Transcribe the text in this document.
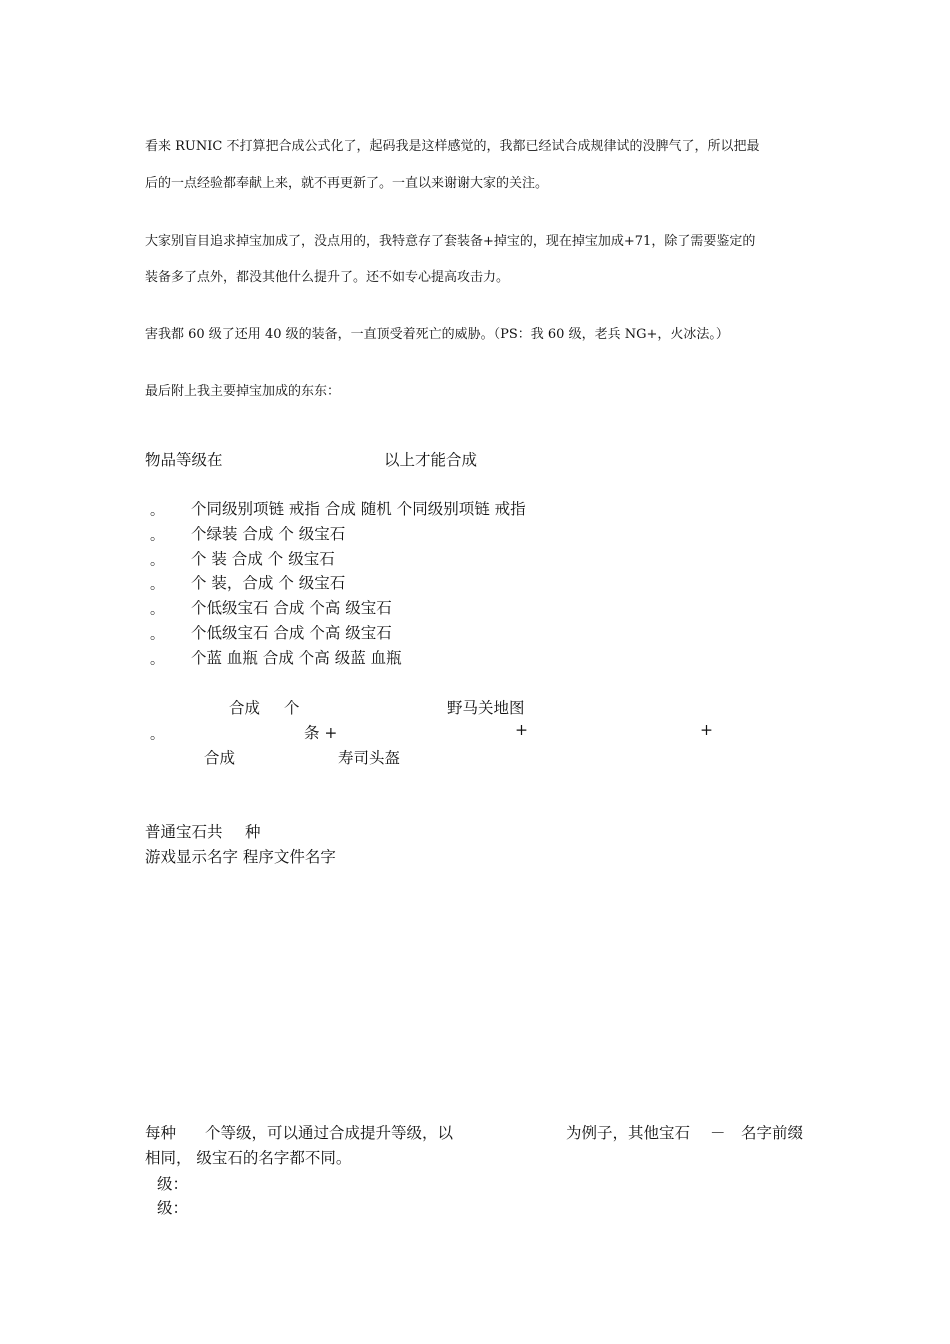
看来 RUNIC 不打算把合成公式化了，起码我是这样感觉的，我都已经试合成规律试的没脾气了，所以把最
后的一点经验都奉献上来，就不再更新了。一直以来谢谢大家的关注。
大家别盲目追求掉宝加成了，没点用的，我特意存了套装备+掉宝的，现在掉宝加成+71，除了需要鉴定的
装备多了点外，都没其他什么提升了。还不如专心提高攻击力。
害我都 60 级了还用 40 级的装备，一直顶受着死亡的威胁。（PS：我 60 级，老兵 NG+，火冰法。）
最后附上我主要掉宝加成的东东：
物品等级在	以上才能合成
。 个同级别项链 戒指 合成 随机 个同级别项链 戒指
。 个绿装 合成 个 级宝石
。 个 装 合成 个 级宝石
。 个 装，合成 个 级宝石
。 个低级宝石 合成 个高 级宝石
。 个低级宝石 合成 个高 级宝石
。 个蓝 血瓶 合成 个高 级蓝 血瓶
合成 个	野马关地图
。	条 +	+	+
合成	寿司头盔
普通宝石共 种
游戏显示名字 程序文件名字
每种 个等级，可以通过合成提升等级，以	为例子，其他宝石 － 名字前缀
相同， 级宝石的名字都不同。
级：
级：
